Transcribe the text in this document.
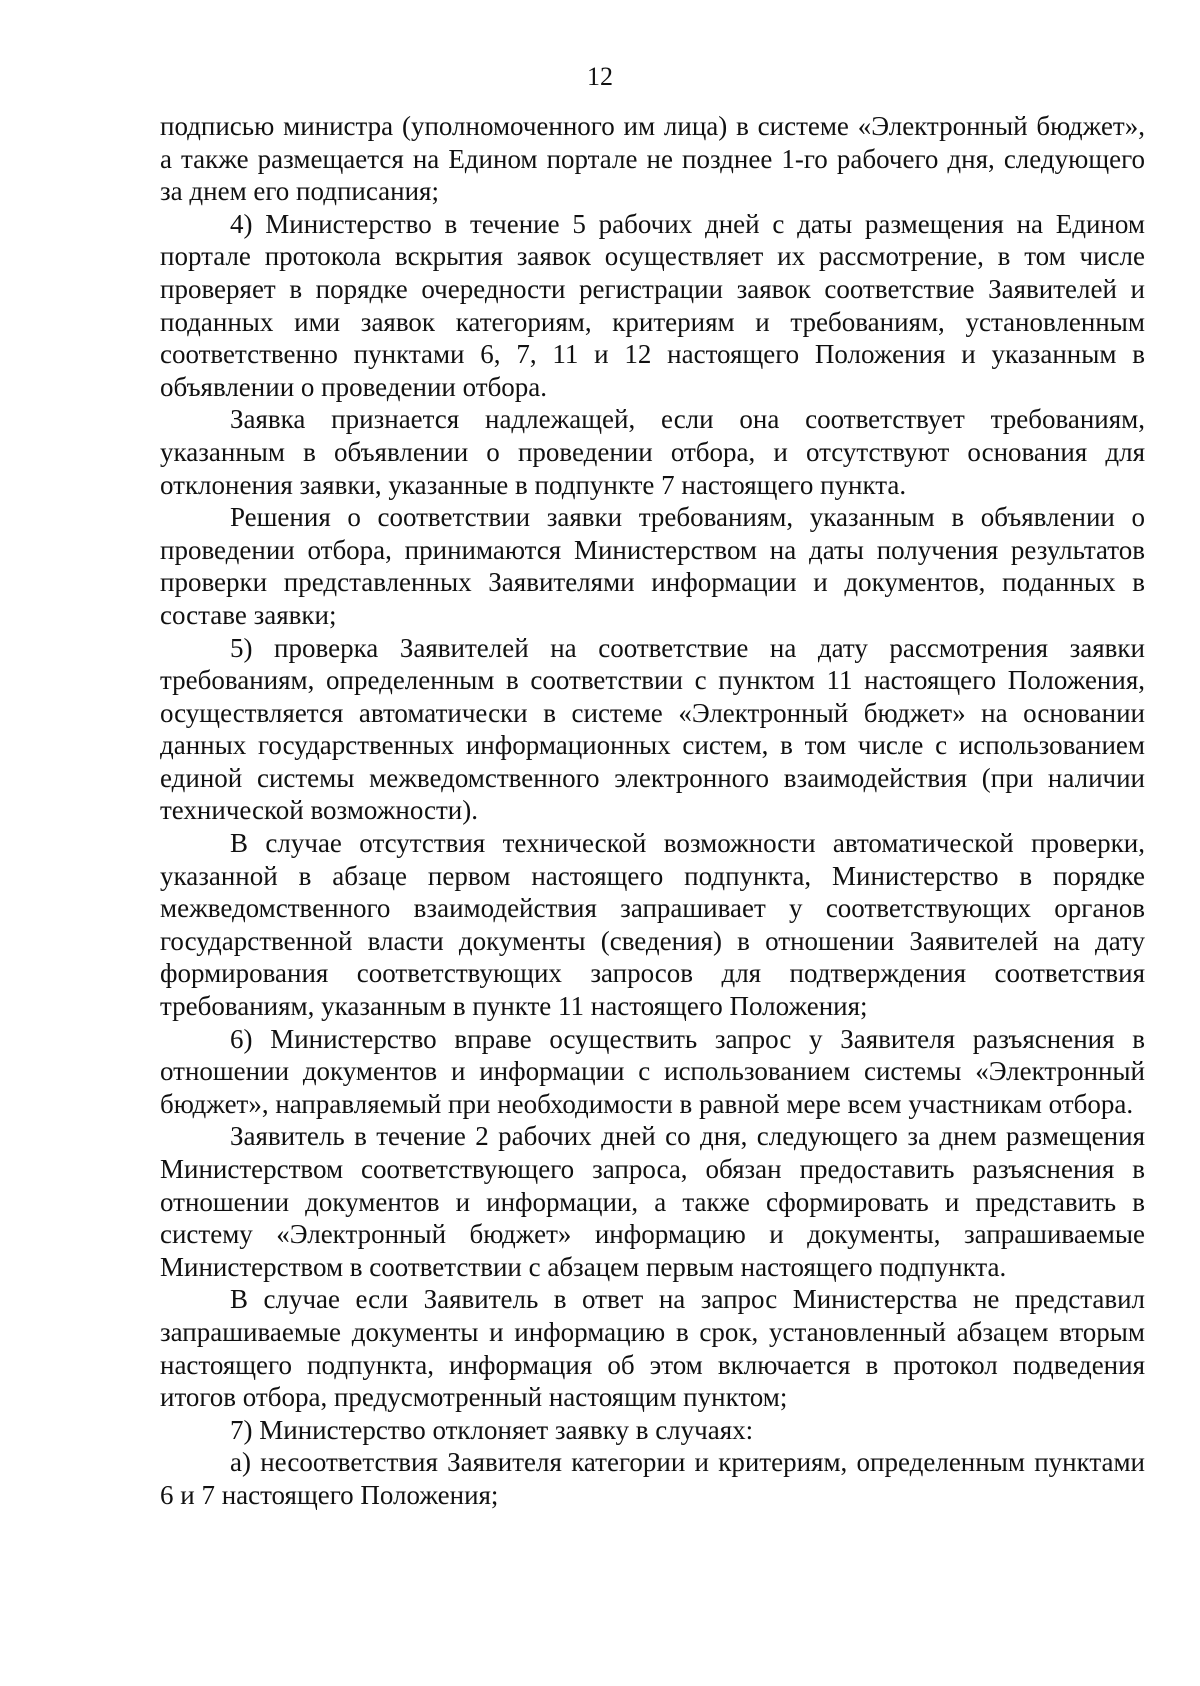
12

подписью министра (уполномоченного им лица) в системе «Электронный бюджет», а также размещается на Едином портале не позднее 1-го рабочего дня, следующего за днем его подписания;

4) Министерство в течение 5 рабочих дней с даты размещения на Едином портале протокола вскрытия заявок осуществляет их рассмотрение, в том числе проверяет в порядке очередности регистрации заявок соответствие Заявителей и поданных ими заявок категориям, критериям и требованиям, установленным соответственно пунктами 6, 7, 11 и 12 настоящего Положения и указанным в объявлении о проведении отбора.

Заявка признается надлежащей, если она соответствует требованиям, указанным в объявлении о проведении отбора, и отсутствуют основания для отклонения заявки, указанные в подпункте 7 настоящего пункта.

Решения о соответствии заявки требованиям, указанным в объявлении о проведении отбора, принимаются Министерством на даты получения результатов проверки представленных Заявителями информации и документов, поданных в составе заявки;

5) проверка Заявителей на соответствие на дату рассмотрения заявки требованиям, определенным в соответствии с пунктом 11 настоящего Положения, осуществляется автоматически в системе «Электронный бюджет» на основании данных государственных информационных систем, в том числе с использованием единой системы межведомственного электронного взаимодействия (при наличии технической возможности).

В случае отсутствия технической возможности автоматической проверки, указанной в абзаце первом настоящего подпункта, Министерство в порядке межведомственного взаимодействия запрашивает у соответствующих органов государственной власти документы (сведения) в отношении Заявителей на дату формирования соответствующих запросов для подтверждения соответствия требованиям, указанным в пункте 11 настоящего Положения;

6) Министерство вправе осуществить запрос у Заявителя разъяснения в отношении документов и информации с использованием системы «Электронный бюджет», направляемый при необходимости в равной мере всем участникам отбора.

Заявитель в течение 2 рабочих дней со дня, следующего за днем размещения Министерством соответствующего запроса, обязан предоставить разъяснения в отношении документов и информации, а также сформировать и представить в систему «Электронный бюджет» информацию и документы, запрашиваемые Министерством в соответствии с абзацем первым настоящего подпункта.

В случае если Заявитель в ответ на запрос Министерства не представил запрашиваемые документы и информацию в срок, установленный абзацем вторым настоящего подпункта, информация об этом включается в протокол подведения итогов отбора, предусмотренный настоящим пунктом;

7) Министерство отклоняет заявку в случаях:

а) несоответствия Заявителя категории и критериям, определенным пунктами 6 и 7 настоящего Положения;
